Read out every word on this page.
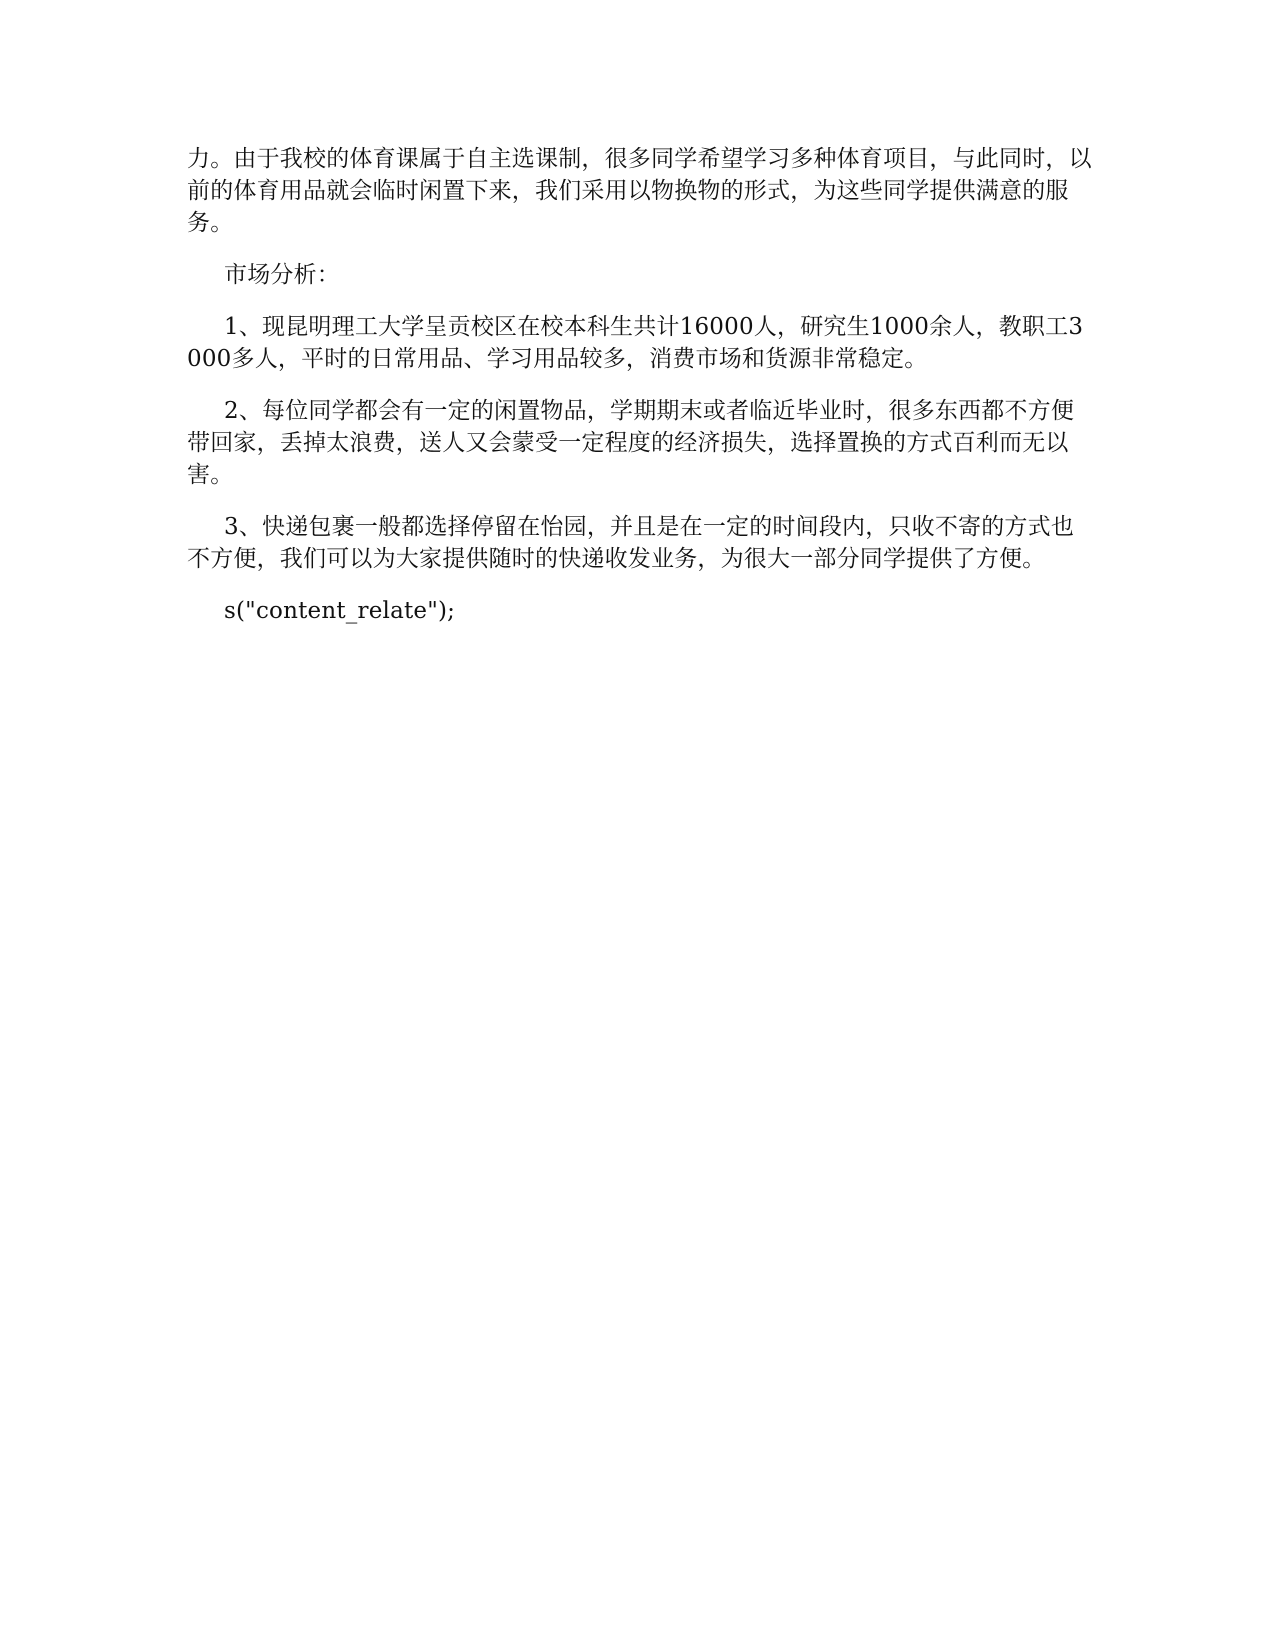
力。由于我校的体育课属于自主选课制，很多同学希望学习多种体育项目，与此同时，以前的体育用品就会临时闲置下来，我们采用以物换物的形式，为这些同学提供满意的服务。

市场分析：

1、现昆明理工大学呈贡校区在校本科生共计16000人，研究生1000余人，教职工3000多人，平时的日常用品、学习用品较多，消费市场和货源非常稳定。

2、每位同学都会有一定的闲置物品，学期期末或者临近毕业时，很多东西都不方便带回家，丢掉太浪费，送人又会蒙受一定程度的经济损失，选择置换的方式百利而无以害。

3、快递包裹一般都选择停留在怡园，并且是在一定的时间段内，只收不寄的方式也不方便，我们可以为大家提供随时的快递收发业务，为很大一部分同学提供了方便。

s("content_relate");
